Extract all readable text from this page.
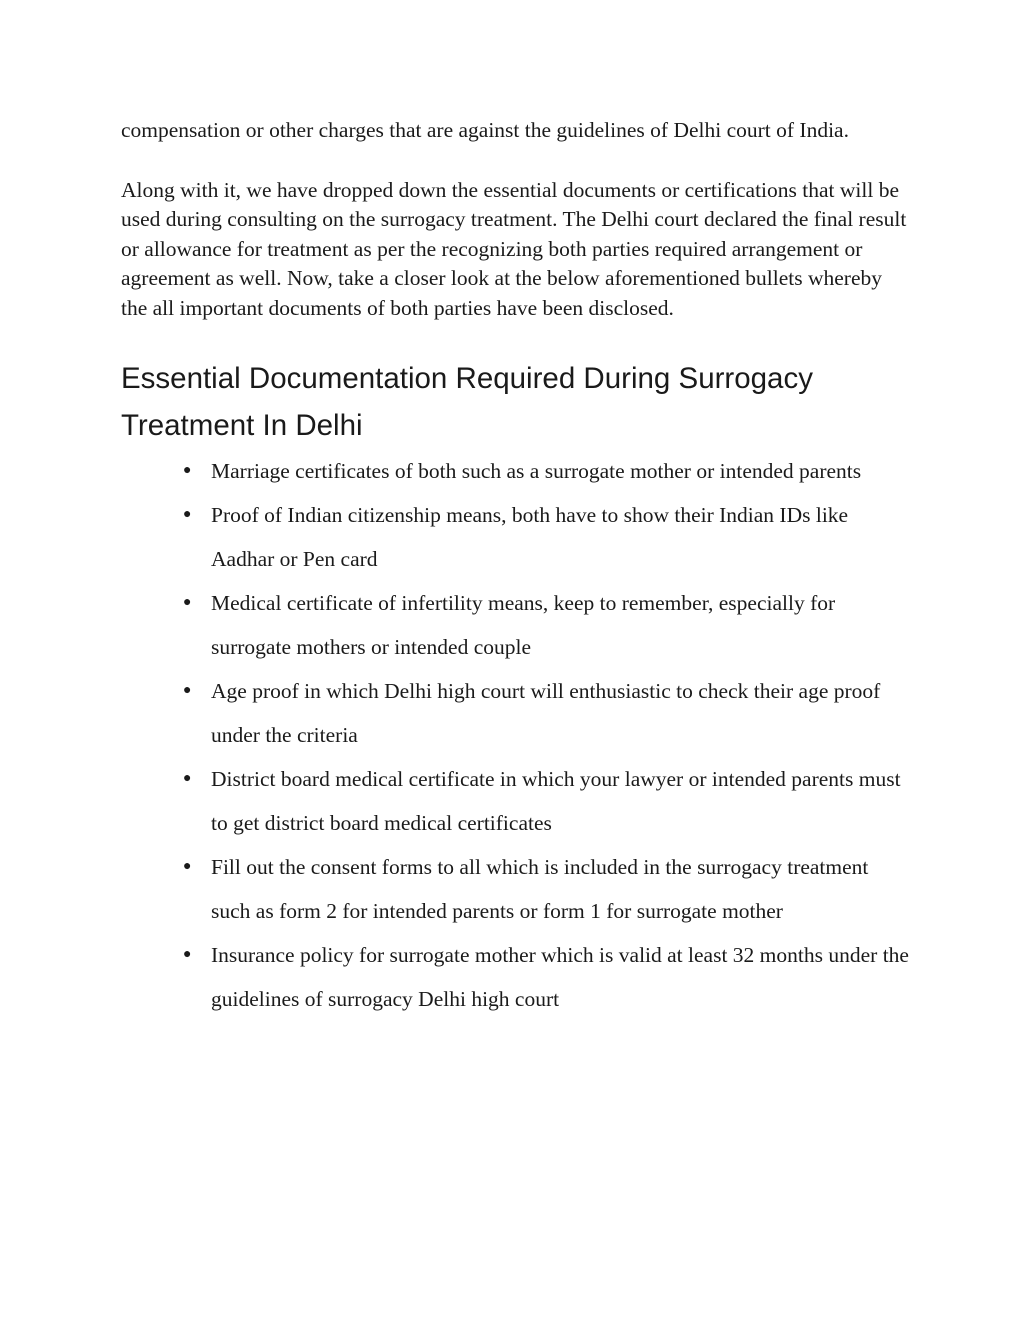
compensation or other charges that are against the guidelines of Delhi court of India.

Along with it, we have dropped down the essential documents or certifications that will be used during consulting on the surrogacy treatment. The Delhi court declared the final result or allowance for treatment as per the recognizing both parties required arrangement or agreement as well. Now, take a closer look at the below aforementioned bullets whereby the all important documents of both parties have been disclosed.

Essential Documentation Required During Surrogacy Treatment In Delhi
● Marriage certificates of both such as a surrogate mother or intended parents
● Proof of Indian citizenship means, both have to show their Indian IDs like Aadhar or Pen card
● Medical certificate of infertility means, keep to remember, especially for surrogate mothers or intended couple
● Age proof in which Delhi high court will enthusiastic to check their age proof under the criteria
● District board medical certificate in which your lawyer or intended parents must to get district board medical certificates
● Fill out the consent forms to all which is included in the surrogacy treatment such as form 2 for intended parents or form 1 for surrogate mother
● Insurance policy for surrogate mother which is valid at least 32 months under the guidelines of surrogacy Delhi high court
